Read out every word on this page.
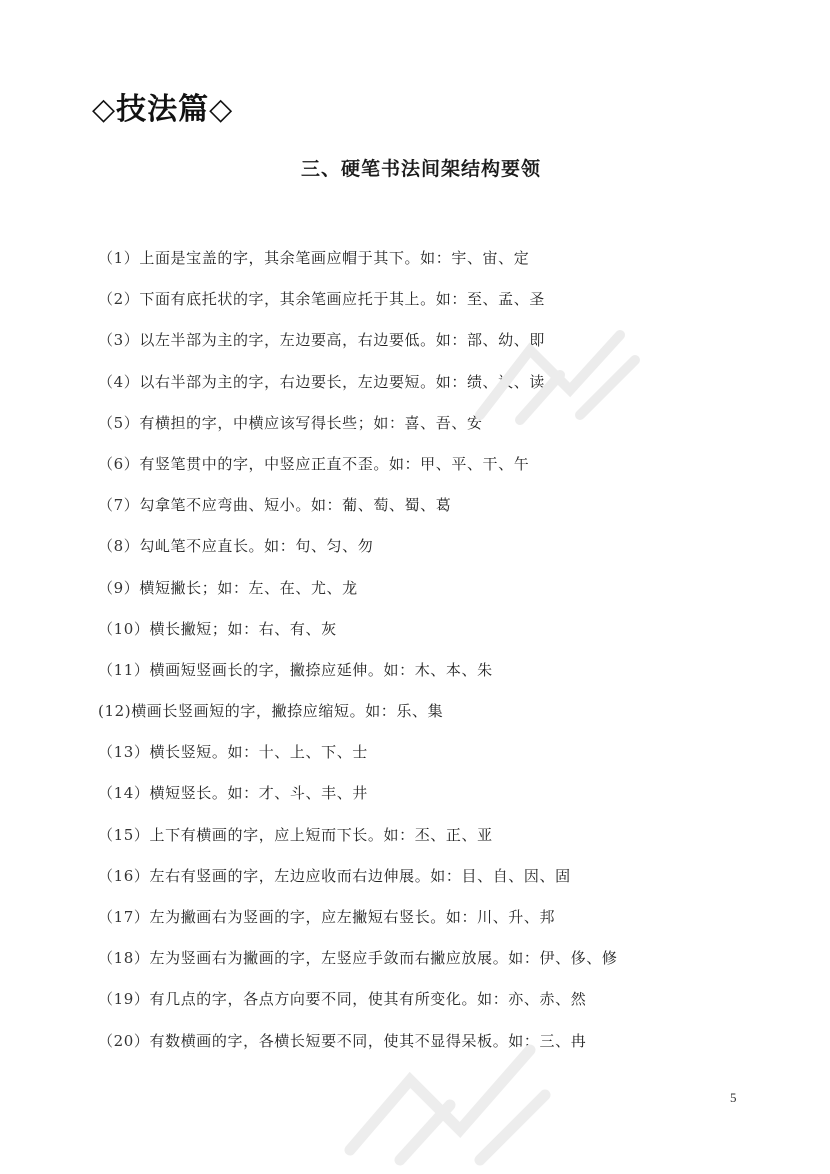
◇技法篇◇
三、硬笔书法间架结构要领
（1）上面是宝盖的字，其余笔画应帽于其下。如：宇、宙、定
（2）下面有底托状的字，其余笔画应托于其上。如：至、孟、圣
（3）以左半部为主的字，左边要高，右边要低。如：部、幼、即
（4）以右半部为主的字，右边要长，左边要短。如：绩、议、读
（5）有横担的字，中横应该写得长些；如：喜、吾、安
（6）有竖笔贯中的字，中竖应正直不歪。如：甲、平、干、午
（7）勾拿笔不应弯曲、短小。如：葡、萄、蜀、葛
（8）勾乢笔不应直长。如：句、匀、勿
（9）横短撇长；如：左、在、尤、龙
（10）横长撇短；如：右、有、灰
（11）横画短竖画长的字，撇捺应延伸。如：木、本、朱
(12)横画长竖画短的字，撇捺应缩短。如：乐、集
（13）横长竖短。如：十、上、下、士
（14）横短竖长。如：才、斗、丰、井
（15）上下有横画的字，应上短而下长。如：丕、正、亚
（16）左右有竖画的字，左边应收而右边伸展。如：目、自、因、固
（17）左为撇画右为竖画的字，应左撇短右竖长。如：川、升、邦
（18）左为竖画右为撇画的字，左竖应手敛而右撇应放展。如：伊、侈、修
（19）有几点的字，各点方向要不同，使其有所变化。如：亦、赤、然
（20）有数横画的字，各横长短要不同，使其不显得呆板。如：三、冉
5
